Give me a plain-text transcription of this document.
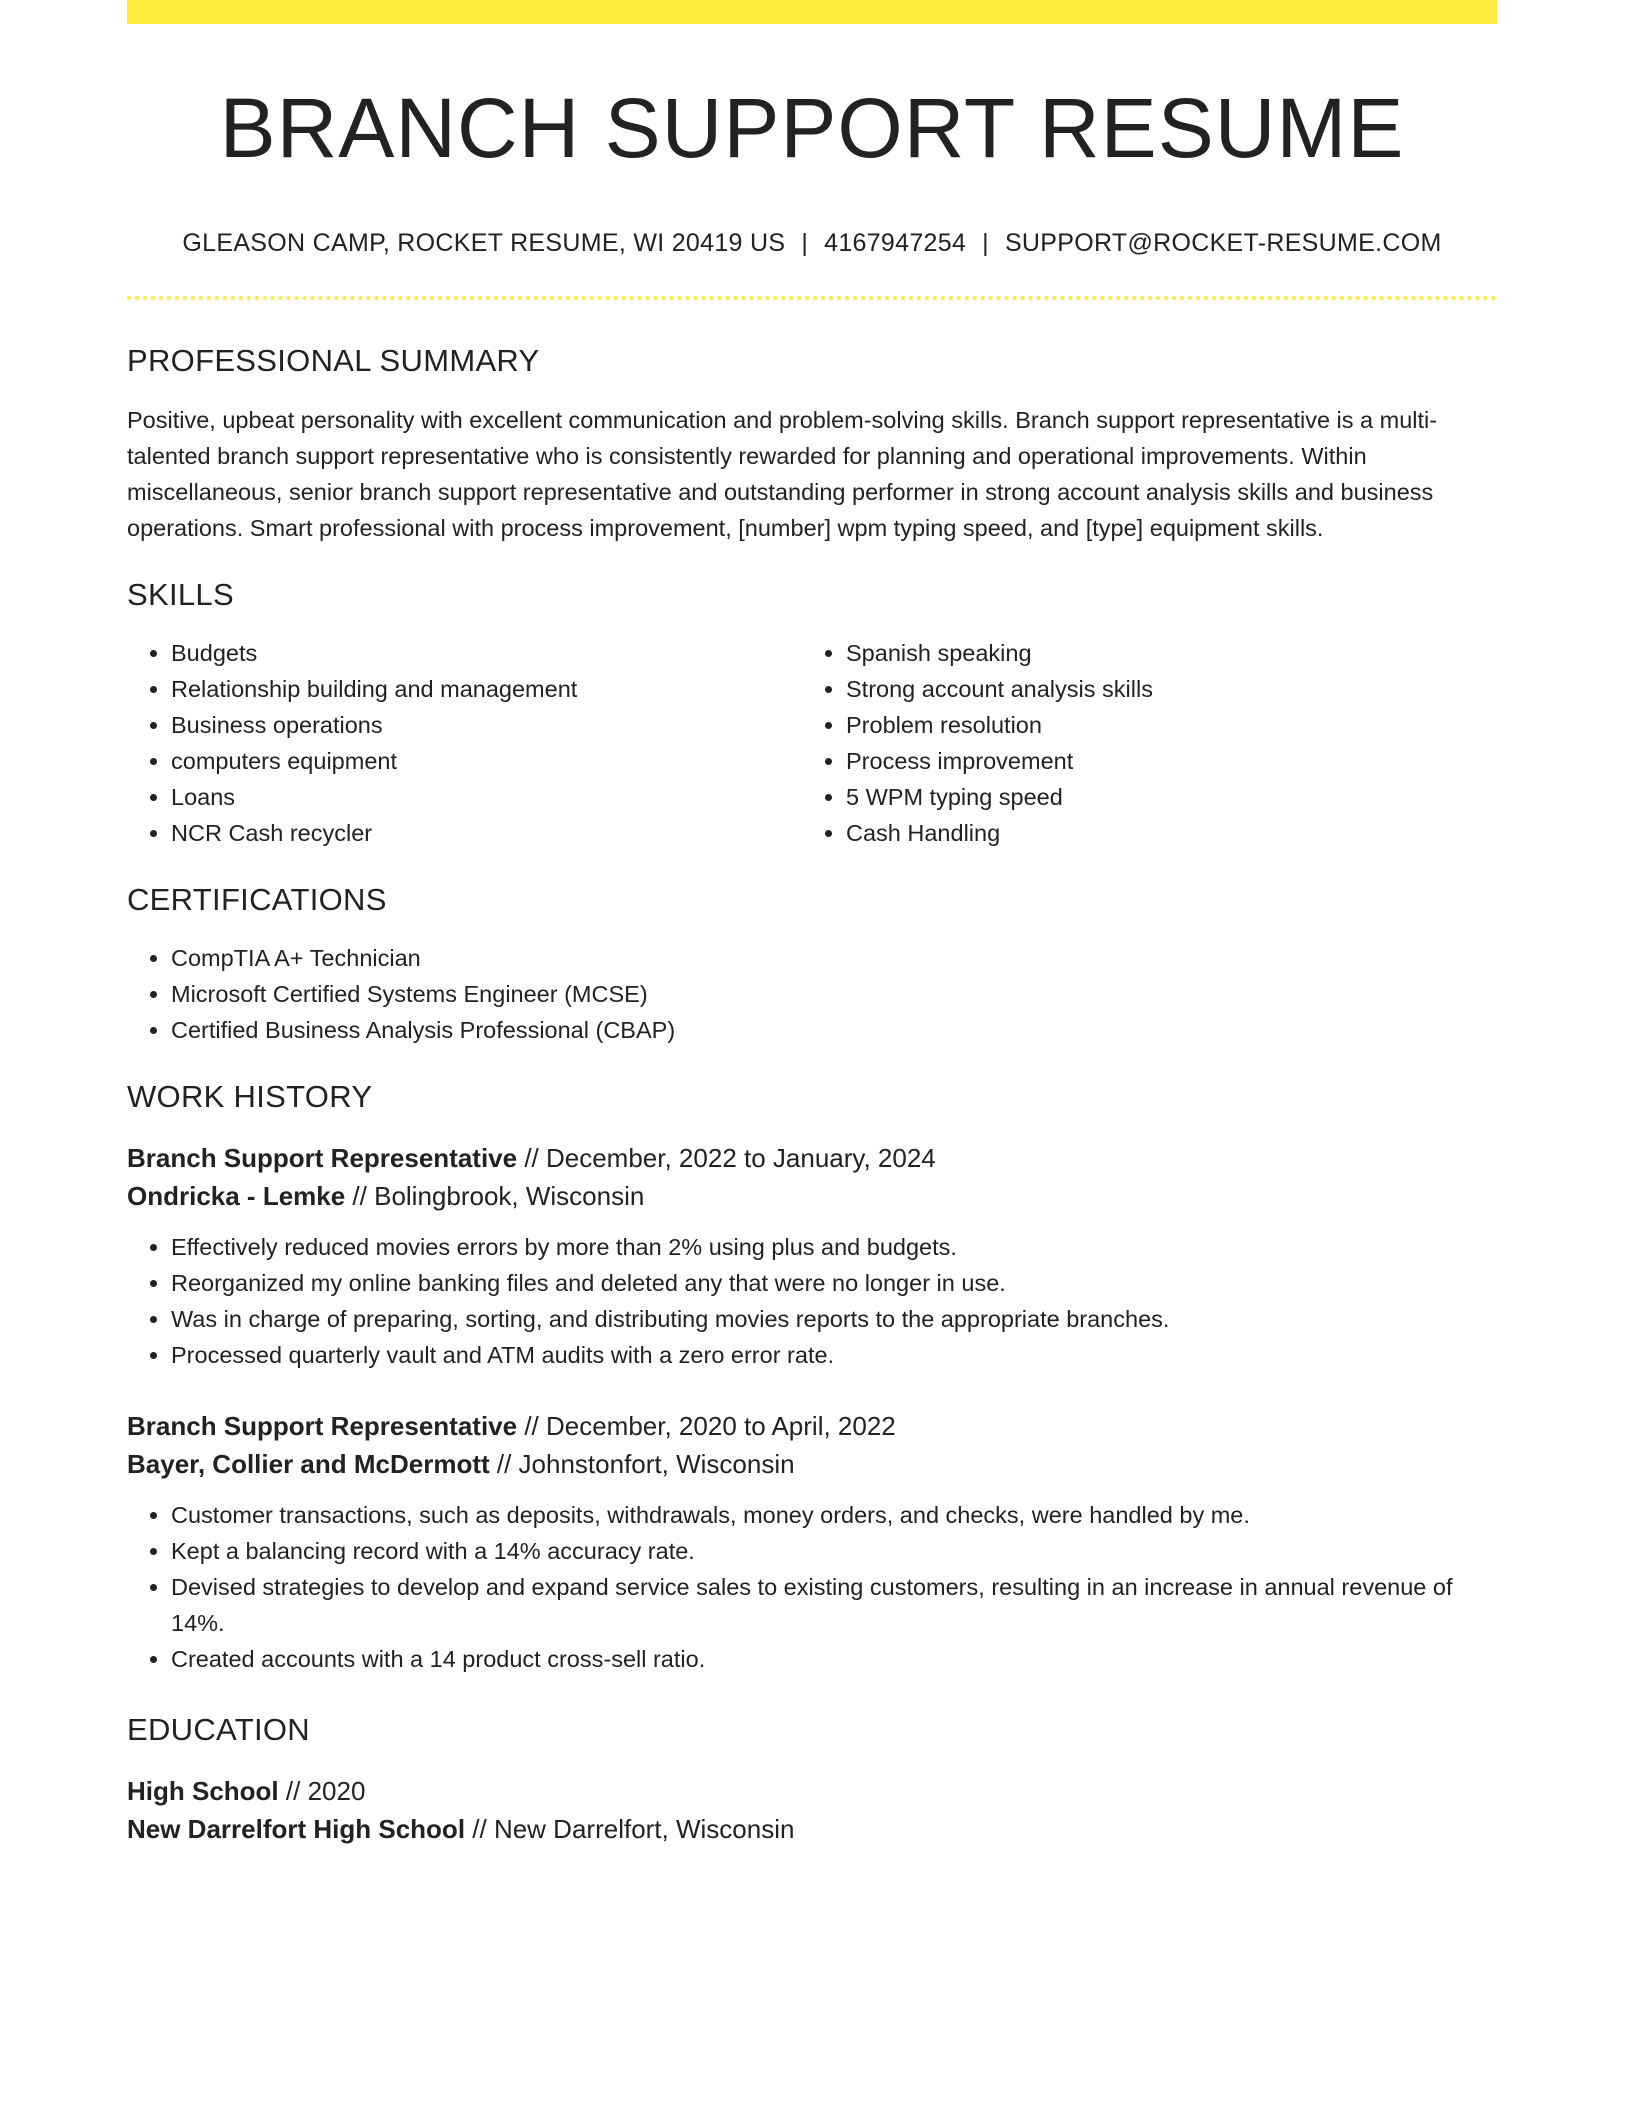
BRANCH SUPPORT RESUME
GLEASON CAMP, ROCKET RESUME, WI 20419 US | 4167947254 | SUPPORT@ROCKET-RESUME.COM
PROFESSIONAL SUMMARY

Positive, upbeat personality with excellent communication and problem-solving skills. Branch support representative is a multi-talented branch support representative who is consistently rewarded for planning and operational improvements. Within miscellaneous, senior branch support representative and outstanding performer in strong account analysis skills and business operations. Smart professional with process improvement, [number] wpm typing speed, and [type] equipment skills.

SKILLS
• Budgets
• Relationship building and management
• Business operations
• computers equipment
• Loans
• NCR Cash recycler
• Spanish speaking
• Strong account analysis skills
• Problem resolution
• Process improvement
• 5 WPM typing speed
• Cash Handling
CERTIFICATIONS
• CompTIA A+ Technician
• Microsoft Certified Systems Engineer (MCSE)
• Certified Business Analysis Professional (CBAP)
WORK HISTORY
Branch Support Representative // December, 2022 to January, 2024
Ondricka - Lemke // Bolingbrook, Wisconsin
• Effectively reduced movies errors by more than 2% using plus and budgets.
• Reorganized my online banking files and deleted any that were no longer in use.
• Was in charge of preparing, sorting, and distributing movies reports to the appropriate branches.
• Processed quarterly vault and ATM audits with a zero error rate.
Branch Support Representative // December, 2020 to April, 2022
Bayer, Collier and McDermott // Johnstonfort, Wisconsin
• Customer transactions, such as deposits, withdrawals, money orders, and checks, were handled by me.
• Kept a balancing record with a 14% accuracy rate.
• Devised strategies to develop and expand service sales to existing customers, resulting in an increase in annual revenue of 14%.
• Created accounts with a 14 product cross-sell ratio.
EDUCATION
High School // 2020
New Darrelfort High School // New Darrelfort, Wisconsin
